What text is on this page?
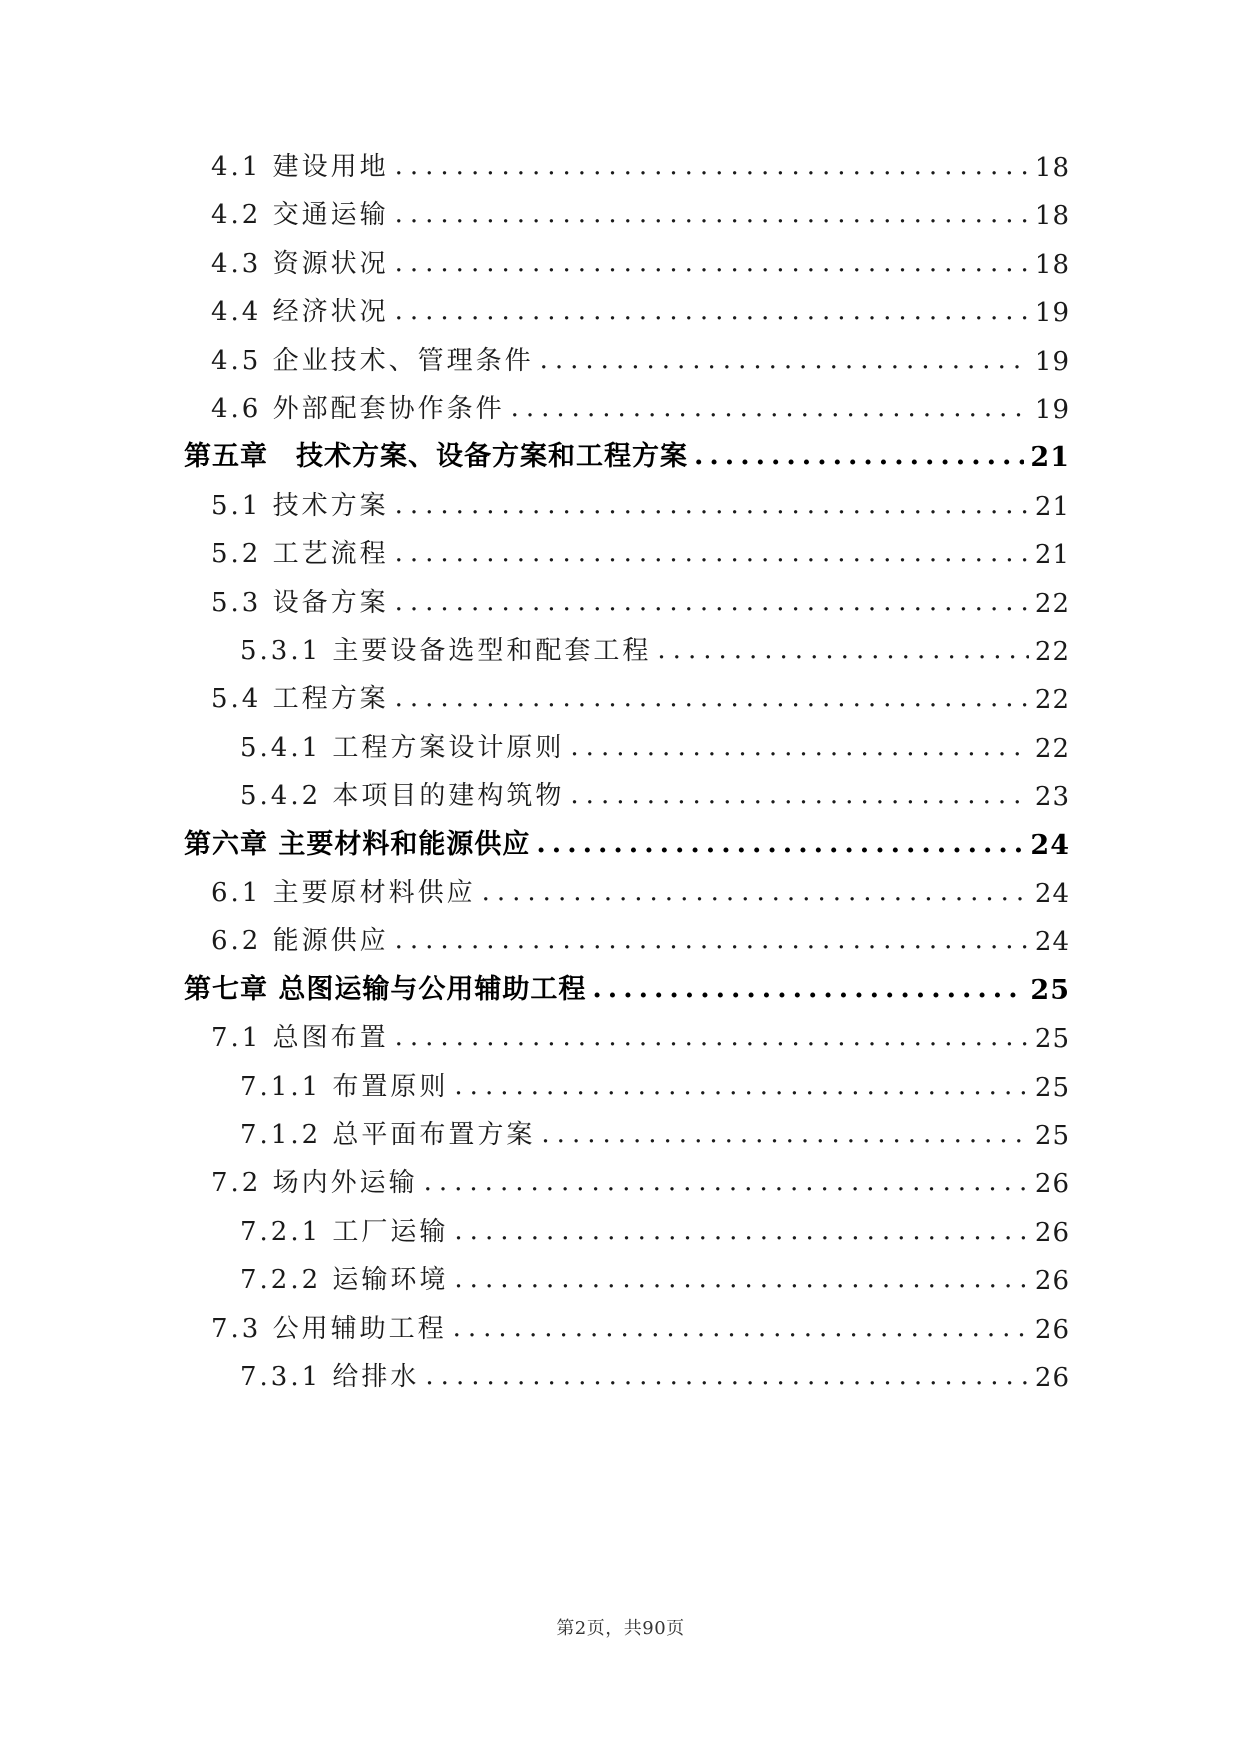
4.1 建设用地 .....	18
4.2 交通运输 .....	18
4.3 资源状况 .....	18
4.4 经济状况 .....	19
4.5 企业技术、管理条件 .....	19
4.6 外部配套协作条件 .....	19
第五章　技术方案、设备方案和工程方案 .....	21
5.1 技术方案 .....	21
5.2 工艺流程 .....	21
5.3 设备方案 .....	22
5.3.1 主要设备选型和配套工程 .....	22
5.4 工程方案 .....	22
5.4.1 工程方案设计原则 .....	22
5.4.2 本项目的建构筑物 .....	23
第六章 主要材料和能源供应 .....	24
6.1 主要原材料供应 .....	24
6.2 能源供应 .....	24
第七章 总图运输与公用辅助工程 .....	25
7.1 总图布置 .....	25
7.1.1 布置原则 .....	25
7.1.2 总平面布置方案 .....	25
7.2 场内外运输 .....	26
7.2.1 工厂运输 .....	26
7.2.2 运输环境 .....	26
7.3 公用辅助工程 .....	26
7.3.1 给排水 .....	26
第2页，共90页
